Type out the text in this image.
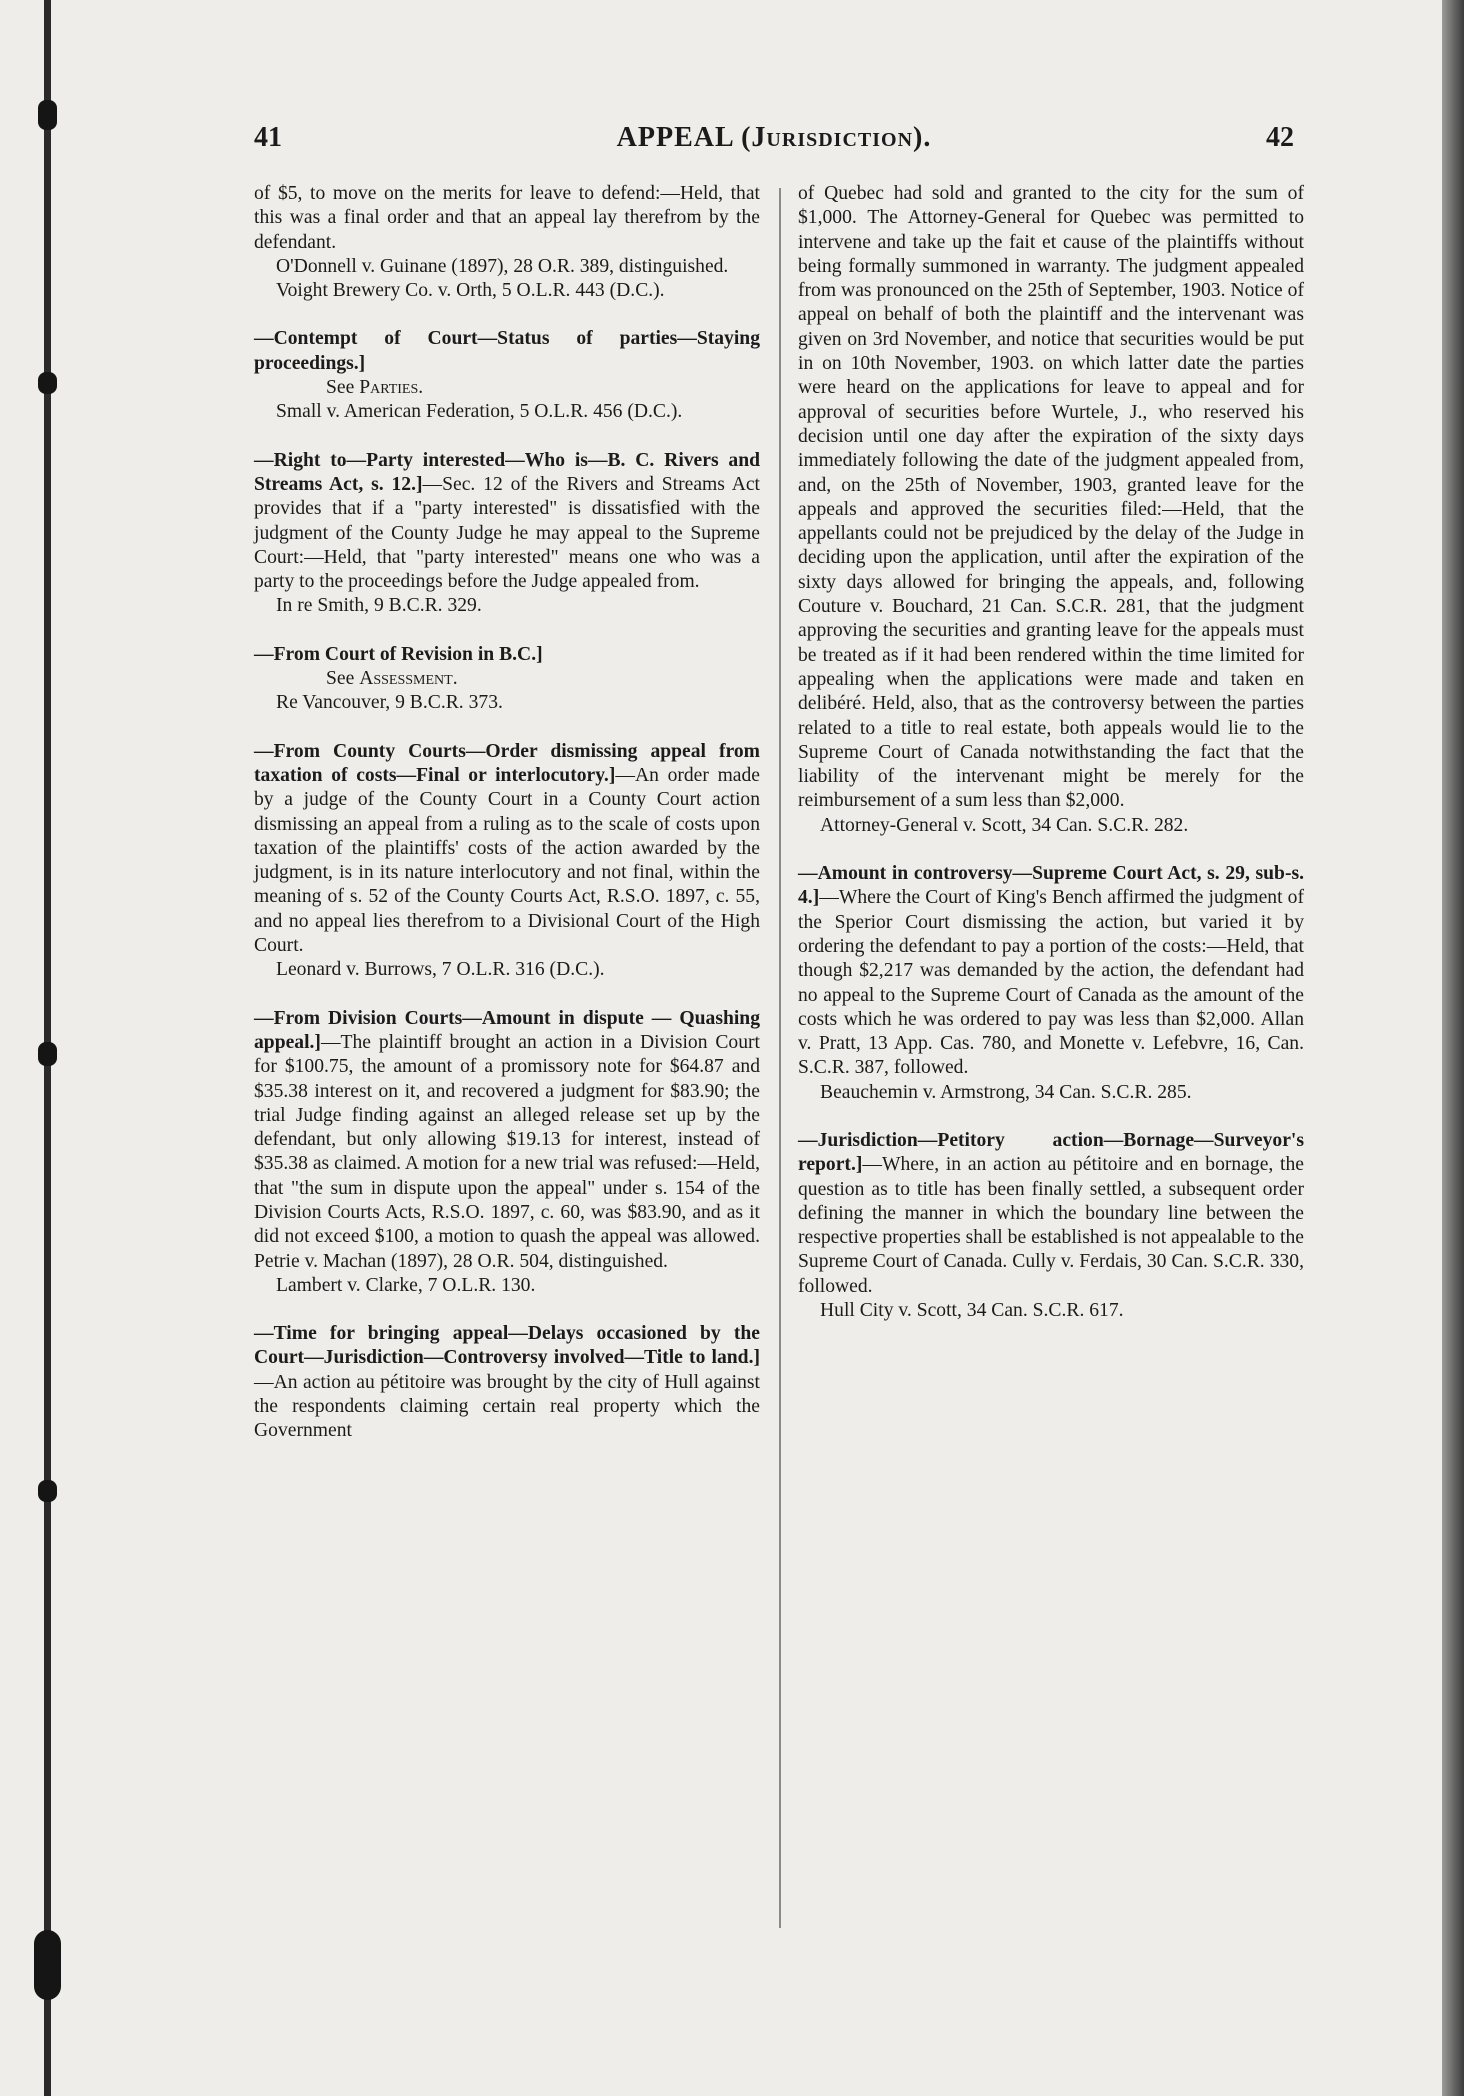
41	APPEAL (Jurisdiction).	42

of $5, to move on the merits for leave to defend:—Held, that this was a final order and that an appeal lay therefrom by the defendant.

O'Donnell v. Guinane (1897), 28 O.R. 389, distinguished.

Voight Brewery Co. v. Orth, 5 O.L.R. 443 (D.C.).

—Contempt of Court—Status of parties—Staying proceedings.]

See Parties.

Small v. American Federation, 5 O.L.R. 456 (D.C.).

—Right to—Party interested—Who is—B. C. Rivers and Streams Act, s. 12.]—Sec. 12 of the Rivers and Streams Act provides that if a "party interested" is dissatisfied with the judgment of the County Judge he may appeal to the Supreme Court:—Held, that "party interested" means one who was a party to the proceedings before the Judge appealed from.

In re Smith, 9 B.C.R. 329.

—From Court of Revision in B.C.]

See Assessment.

Re Vancouver, 9 B.C.R. 373.

—From County Courts—Order dismissing appeal from taxation of costs—Final or interlocutory.]—An order made by a judge of the County Court in a County Court action dismissing an appeal from a ruling as to the scale of costs upon taxation of the plaintiffs' costs of the action awarded by the judgment, is in its nature interlocutory and not final, within the meaning of s. 52 of the County Courts Act, R.S.O. 1897, c. 55, and no appeal lies therefrom to a Divisional Court of the High Court.

Leonard v. Burrows, 7 O.L.R. 316 (D.C.).

—From Division Courts—Amount in dispute — Quashing appeal.]—The plaintiff brought an action in a Division Court for $100.75, the amount of a promissory note for $64.87 and $35.38 interest on it, and recovered a judgment for $83.90; the trial Judge finding against an alleged release set up by the defendant, but only allowing $19.13 for interest, instead of $35.38 as claimed. A motion for a new trial was refused:—Held, that "the sum in dispute upon the appeal" under s. 154 of the Division Courts Acts, R.S.O. 1897, c. 60, was $83.90, and as it did not exceed $100, a motion to quash the appeal was allowed. Petrie v. Machan (1897), 28 O.R. 504, distinguished.

Lambert v. Clarke, 7 O.L.R. 130.

—Time for bringing appeal—Delays occasioned by the Court—Jurisdiction—Controversy involved—Title to land.]—An action au pétitoire was brought by the city of Hull against the respondents claiming certain real property which the Government

of Quebec had sold and granted to the city for the sum of $1,000. The Attorney-General for Quebec was permitted to intervene and take up the fait et cause of the plaintiffs without being formally summoned in warranty. The judgment appealed from was pronounced on the 25th of September, 1903. Notice of appeal on behalf of both the plaintiff and the intervenant was given on 3rd November, and notice that securities would be put in on 10th November, 1903. on which latter date the parties were heard on the applications for leave to appeal and for approval of securities before Wurtele, J., who reserved his decision until one day after the expiration of the sixty days immediately following the date of the judgment appealed from, and, on the 25th of November, 1903, granted leave for the appeals and approved the securities filed:—Held, that the appellants could not be prejudiced by the delay of the Judge in deciding upon the application, until after the expiration of the sixty days allowed for bringing the appeals, and, following Couture v. Bouchard, 21 Can. S.C.R. 281, that the judgment approving the securities and granting leave for the appeals must be treated as if it had been rendered within the time limited for appealing when the applications were made and taken en delibéré. Held, also, that as the controversy between the parties related to a title to real estate, both appeals would lie to the Supreme Court of Canada notwithstanding the fact that the liability of the intervenant might be merely for the reimbursement of a sum less than $2,000.

Attorney-General v. Scott, 34 Can. S.C.R. 282.

—Amount in controversy—Supreme Court Act, s. 29, sub-s. 4.]—Where the Court of King's Bench affirmed the judgment of the Sperior Court dismissing the action, but varied it by ordering the defendant to pay a portion of the costs:—Held, that though $2,217 was demanded by the action, the defendant had no appeal to the Supreme Court of Canada as the amount of the costs which he was ordered to pay was less than $2,000. Allan v. Pratt, 13 App. Cas. 780, and Monette v. Lefebvre, 16, Can. S.C.R. 387, followed.

Beauchemin v. Armstrong, 34 Can. S.C.R. 285.

—Jurisdiction—Petitory action—Bornage—Surveyor's report.]—Where, in an action au pétitoire and en bornage, the question as to title has been finally settled, a subsequent order defining the manner in which the boundary line between the respective properties shall be established is not appealable to the Supreme Court of Canada. Cully v. Ferdais, 30 Can. S.C.R. 330, followed.

Hull City v. Scott, 34 Can. S.C.R. 617.
